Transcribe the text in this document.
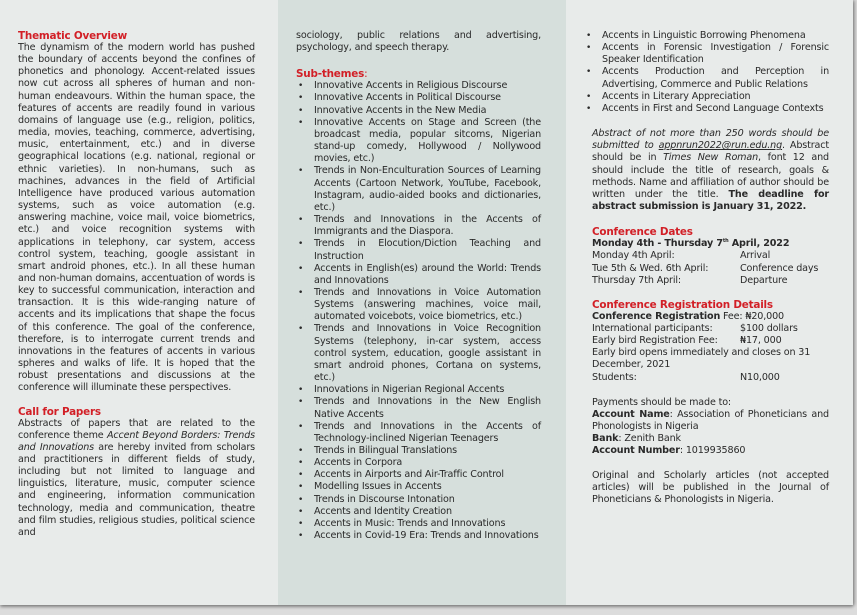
Thematic Overview

The dynamism of the modern world has pushed the boundary of accents beyond the confines of phonetics and phonology. Accent-related issues now cut across all spheres of human and non-human endeavours. Within the human space, the features of accents are readily found in various domains of language use (e.g., religion, politics, media, movies, teaching, commerce, advertising, music, entertainment, etc.) and in diverse geographical locations (e.g. national, regional or ethnic varieties). In non-humans, such as machines, advances in the field of Artificial Intelligence have produced various automation systems, such as voice automation (e.g. answering machine, voice mail, voice biometrics, etc.) and voice recognition systems with applications in telephony, car system, access control system, teaching, google assistant in smart android phones, etc.). In all these human and non-human domains, accentuation of words is key to successful communication, interaction and transaction. It is this wide-ranging nature of accents and its implications that shape the focus of this conference. The goal of the conference, therefore, is to interrogate current trends and innovations in the features of accents in various spheres and walks of life. It is hoped that the robust presentations and discussions at the conference will illuminate these perspectives.

Call for Papers

Abstracts of papers that are related to the conference theme Accent Beyond Borders: Trends and Innovations are hereby invited from scholars and practitioners in different fields of study, including but not limited to language and linguistics, literature, music, computer science and engineering, information communication technology, media and communication, theatre and film studies, religious studies, political science and

sociology, public relations and advertising, psychology, and speech therapy.

Sub-themes:
• Innovative Accents in Religious Discourse
• Innovative Accents in Political Discourse
• Innovative Accents in the New Media
• Innovative Accents on Stage and Screen (the broadcast media, popular sitcoms, Nigerian stand-up comedy, Hollywood / Nollywood movies, etc.)
• Trends in Non-Enculturation Sources of Learning Accents (Cartoon Network, YouTube, Facebook, Instagram, audio-aided books and dictionaries, etc.)
• Trends and Innovations in the Accents of Immigrants and the Diaspora.
• Trends in Elocution/Diction Teaching and Instruction
• Accents in English(es) around the World: Trends and Innovations
• Trends and Innovations in Voice Automation Systems (answering machines, voice mail, automated voicebots, voice biometrics, etc.)
• Trends and Innovations in Voice Recognition Systems (telephony, in-car system, access control system, education, google assistant in smart android phones, Cortana on systems, etc.)
• Innovations in Nigerian Regional Accents
• Trends and Innovations in the New English Native Accents
• Trends and Innovations in the Accents of Technology-inclined Nigerian Teenagers
• Trends in Bilingual Translations
• Accents in Corpora
• Accents in Airports and Air-Traffic Control
• Modelling Issues in Accents
• Trends in Discourse Intonation
• Accents and Identity Creation
• Accents in Music: Trends and Innovations
• Accents in Covid-19 Era: Trends and Innovations
• Accents in Linguistic Borrowing Phenomena
• Accents in Forensic Investigation / Forensic Speaker Identification
• Accents Production and Perception in Advertising, Commerce and Public Relations
• Accents in Literary Appreciation
• Accents in First and Second Language Contexts

Abstract of not more than 250 words should be submitted to appnrun2022@run.edu.ng. Abstract should be in Times New Roman, font 12 and should include the title of research, goals & methods. Name and affiliation of author should be written under the title. The deadline for abstract submission is January 31, 2022.

Conference Dates
Monday 4th - Thursday 7th April, 2022
Monday 4th April:	Arrival
Tue 5th & Wed. 6th April:	Conference days
Thursday 7th April:	Departure
Conference Registration Details
Conference Registration Fee: ₦20,000
International participants:	$100 dollars
Early bird Registration Fee:	₦17, 000

Early bird opens immediately and closes on 31 December, 2021

Students:	N10,000

Payments should be made to:

Account Name: Association of Phoneticians and Phonologists in Nigeria

Bank: Zenith Bank

Account Number: 1019935860

Original and Scholarly articles (not accepted articles) will be published in the Journal of Phoneticians & Phonologists in Nigeria.
